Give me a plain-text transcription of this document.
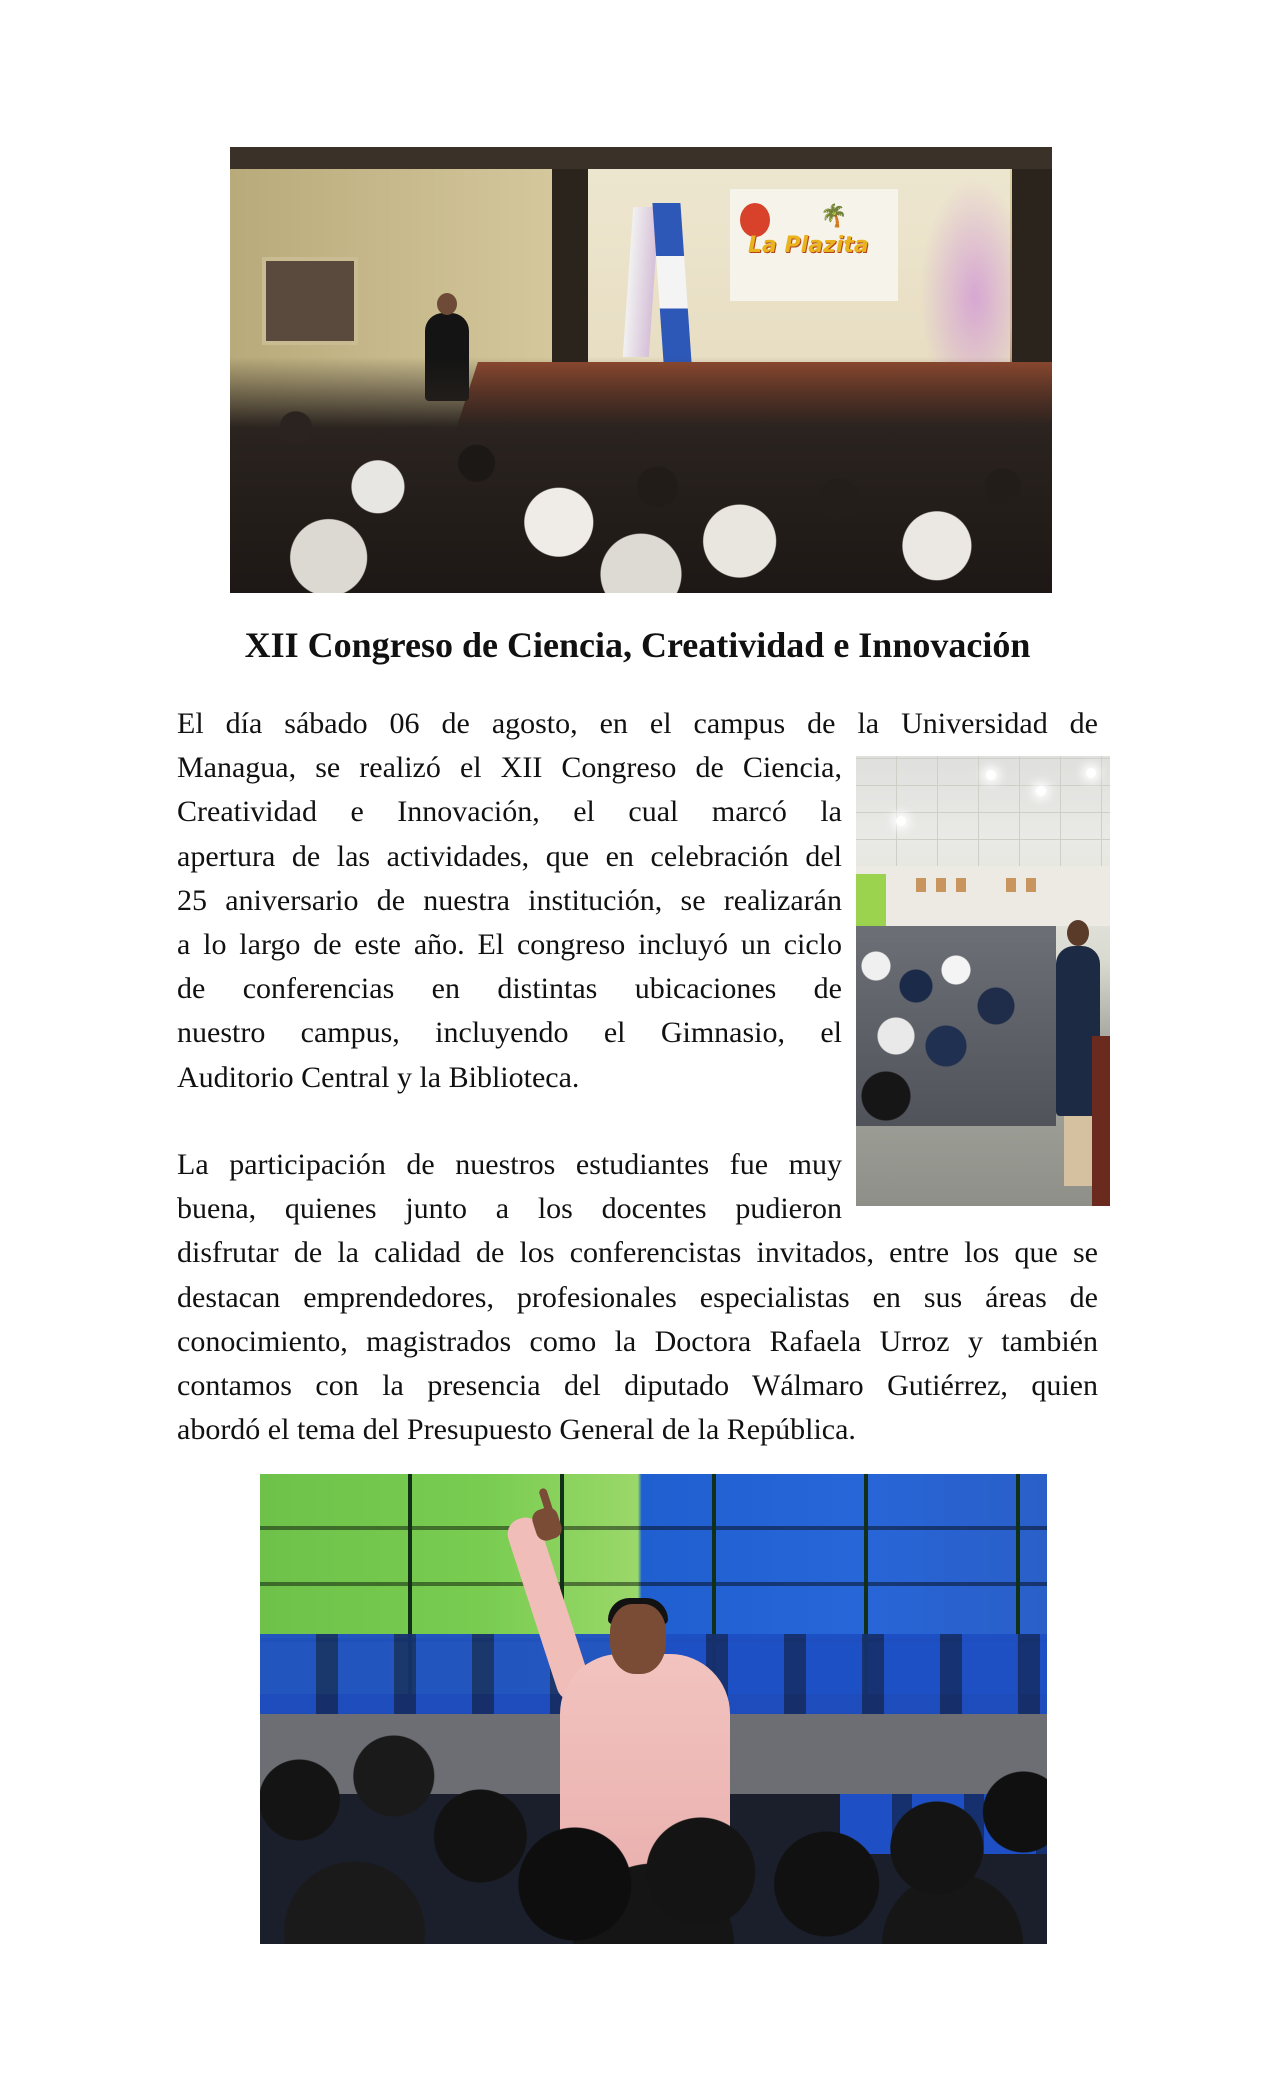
🌴
La Plazita
XII Congreso de Ciencia, Creatividad e Innovación

El día sábado 06 de agosto, en el campus de la Universidad de
Managua, se realizó el XII Congreso de Ciencia,
Creatividad e Innovación, el cual marcó la
apertura de las actividades, que en celebración del
25 aniversario de nuestra institución, se realizarán
a lo largo de este año. El congreso incluyó un ciclo
de conferencias en distintas ubicaciones de
nuestro campus, incluyendo el Gimnasio, el
Auditorio Central y la Biblioteca.

La participación de nuestros estudiantes fue muy
buena, quienes junto a los docentes pudieron
disfrutar de la calidad de los conferencistas invitados, entre los que se
destacan emprendedores, profesionales especialistas en sus áreas de
conocimiento, magistrados como la Doctora Rafaela Urroz y también
contamos con la presencia del diputado Wálmaro Gutiérrez, quien
abordó el tema del Presupuesto General de la República.
